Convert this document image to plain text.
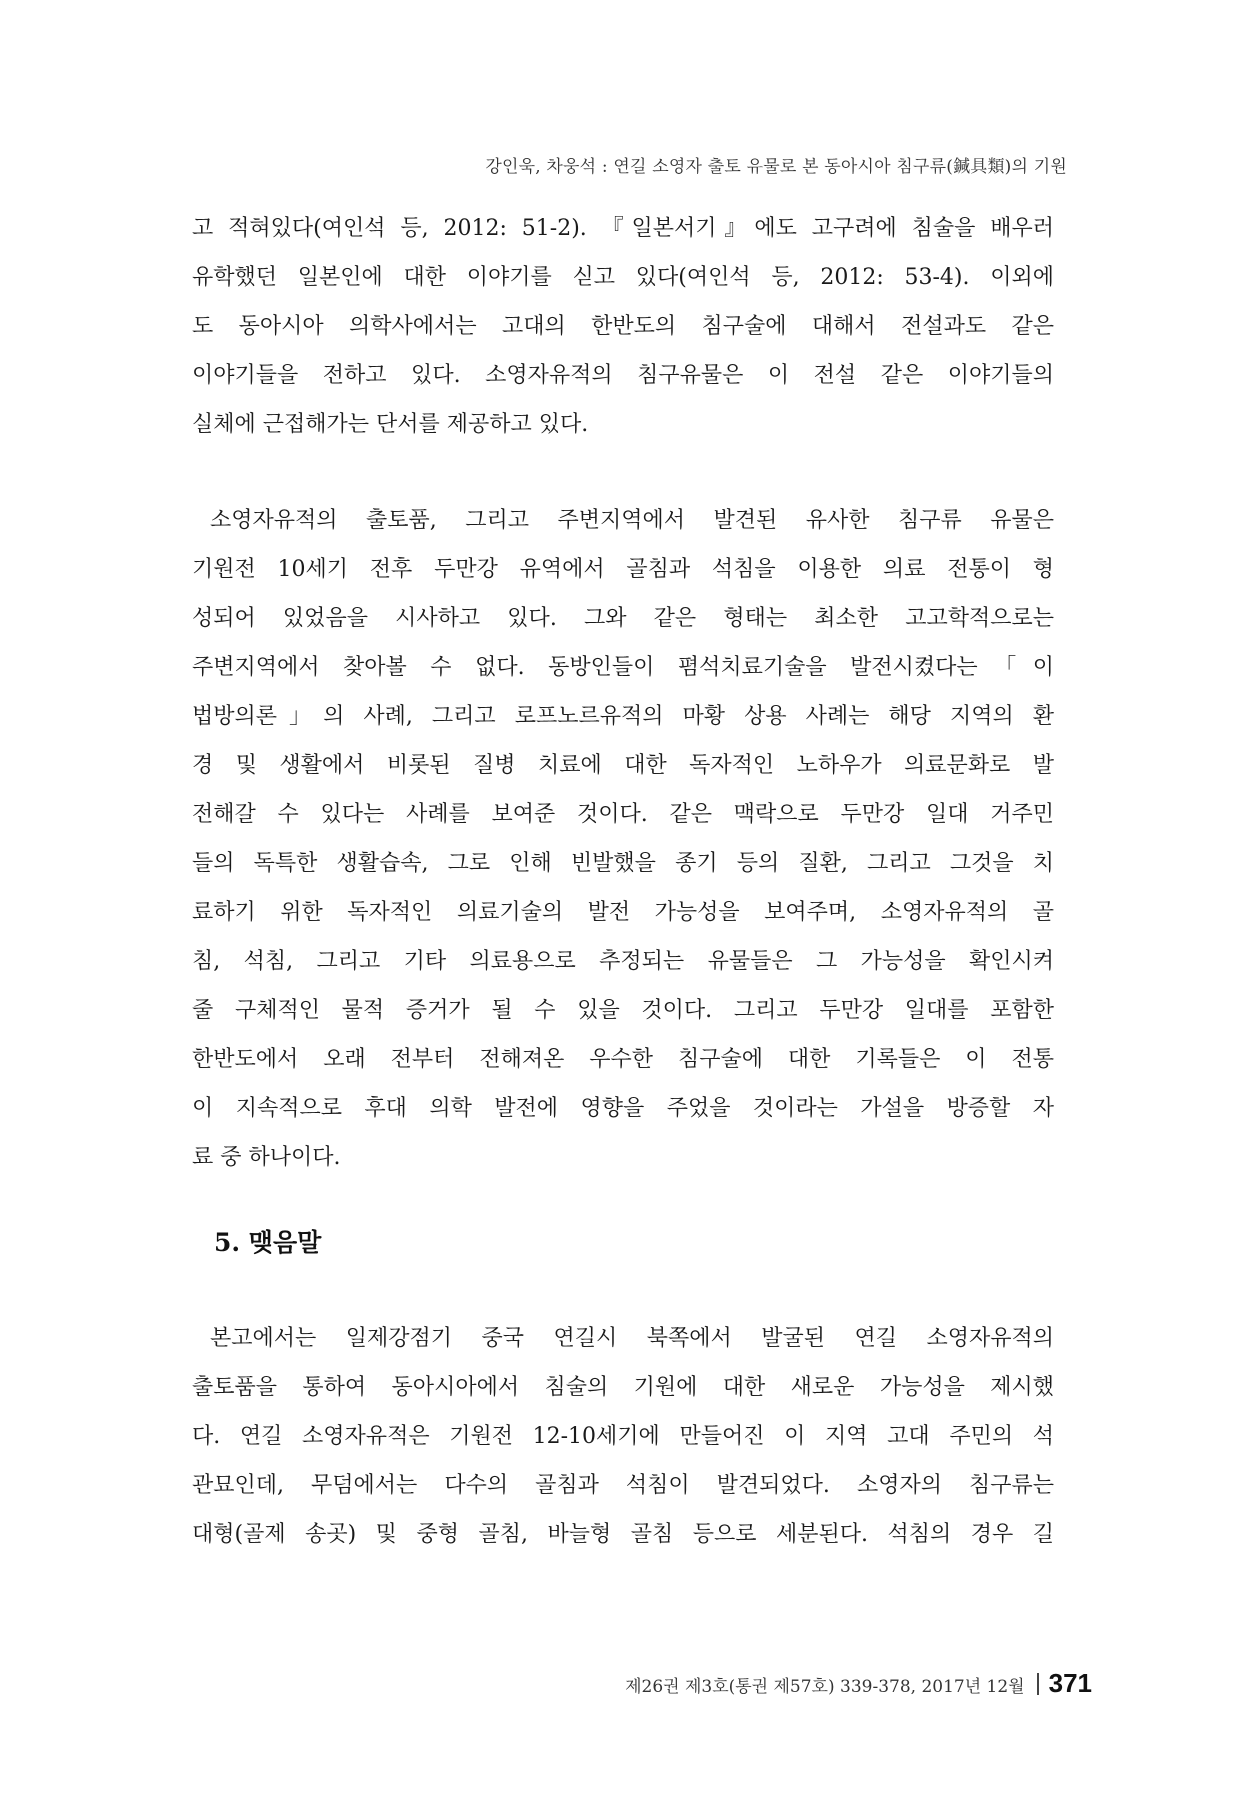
강인욱, 차웅석 : 연길 소영자 출토 유물로 본 동아시아 침구류(鍼具類)의 기원
고 적혀있다(여인석 등, 2012: 51-2). 『일본서기』에도 고구려에 침술을 배우러
유학했던 일본인에 대한 이야기를 싣고 있다(여인석 등, 2012: 53-4). 이외에
도 동아시아 의학사에서는 고대의 한반도의 침구술에 대해서 전설과도 같은
이야기들을 전하고 있다. 소영자유적의 침구유물은 이 전설 같은 이야기들의
실체에 근접해가는 단서를 제공하고 있다.
소영자유적의 출토품, 그리고 주변지역에서 발견된 유사한 침구류 유물은
기원전 10세기 전후 두만강 유역에서 골침과 석침을 이용한 의료 전통이 형
성되어 있었음을 시사하고 있다. 그와 같은 형태는 최소한 고고학적으로는
주변지역에서 찾아볼 수 없다. 동방인들이 폄석치료기술을 발전시켰다는「이
법방의론」의 사례, 그리고 로프노르유적의 마황 상용 사례는 해당 지역의 환
경 및 생활에서 비롯된 질병 치료에 대한 독자적인 노하우가 의료문화로 발
전해갈 수 있다는 사례를 보여준 것이다. 같은 맥락으로 두만강 일대 거주민
들의 독특한 생활습속, 그로 인해 빈발했을 종기 등의 질환, 그리고 그것을 치
료하기 위한 독자적인 의료기술의 발전 가능성을 보여주며, 소영자유적의 골
침, 석침, 그리고 기타 의료용으로 추정되는 유물들은 그 가능성을 확인시켜
줄 구체적인 물적 증거가 될 수 있을 것이다. 그리고 두만강 일대를 포함한
한반도에서 오래 전부터 전해져온 우수한 침구술에 대한 기록들은 이 전통
이 지속적으로 후대 의학 발전에 영향을 주었을 것이라는 가설을 방증할 자
료 중 하나이다.
5. 맺음말
본고에서는 일제강점기 중국 연길시 북쪽에서 발굴된 연길 소영자유적의
출토품을 통하여 동아시아에서 침술의 기원에 대한 새로운 가능성을 제시했
다. 연길 소영자유적은 기원전 12-10세기에 만들어진 이 지역 고대 주민의 석
관묘인데, 무덤에서는 다수의 골침과 석침이 발견되었다. 소영자의 침구류는
대형(골제 송곳) 및 중형 골침, 바늘형 골침 등으로 세분된다. 석침의 경우 길
제26권 제3호(통권 제57호) 339-378, 2017년 12월 371
